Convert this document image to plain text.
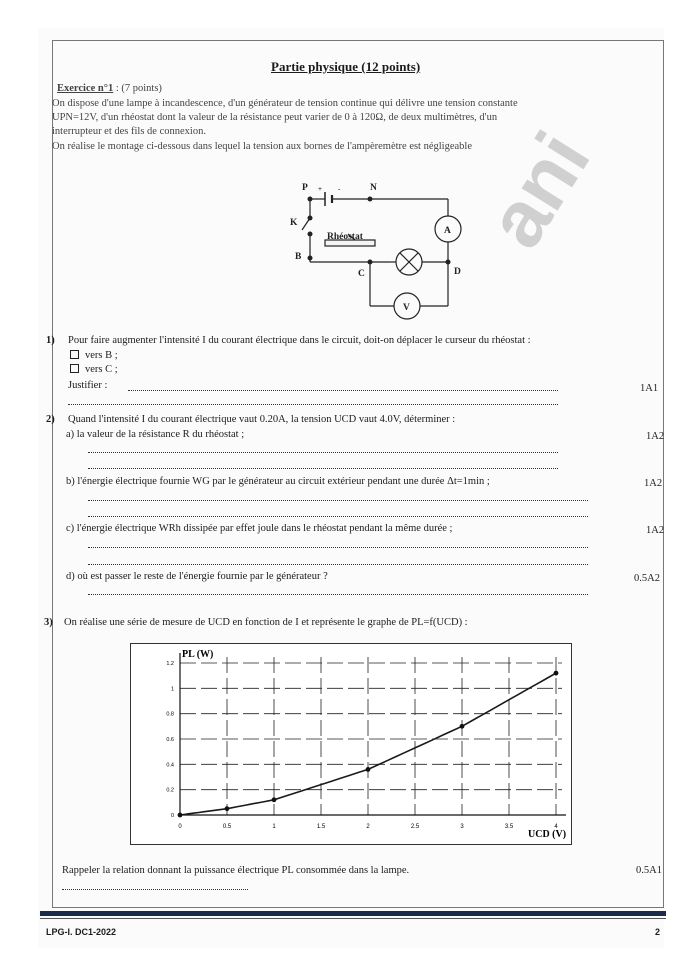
Partie physique (12 points)
Exercice n°1 : (7 points)
On dispose d'une lampe à incandescence, d'un générateur de tension continue qui délivre une tension constante
UPN=12V, d'un rhéostat dont la valeur de la résistance peut varier de 0 à 120Ω, de deux multimètres, d'un
interrupteur et des fils de connexion.
On réalise le montage ci-dessous dans lequel la tension aux bornes de l'ampèremètre est négligeable
P + -	N
K
B
Rhéostat
C	D
A
V
ani
1) Pour faire augmenter l'intensité I du courant électrique dans le circuit, doit-on déplacer le curseur du rhéostat :
vers B ;
vers C ;
Justifier :	1A1
2) Quand l'intensité I du courant électrique vaut 0.20A, la tension UCD vaut 4.0V, déterminer :
a) la valeur de la résistance R du rhéostat ;	1A2
b) l'énergie électrique fournie WG par le générateur au circuit extérieur pendant une durée Δt=1min ;	1A2
c) l'énergie électrique WRh dissipée par effet joule dans le rhéostat pendant la même durée ;	1A2
d) où est passer le reste de l'énergie fournie par le générateur ?	0.5A2
3) On réalise une série de mesure de UCD en fonction de I et représente le graphe de PL=f(UCD) :
0	0.5	1	1.5	2	2.5	3	3.5	4
0
0.2
0.4
0.6
0.8
1
1.2
PL (W)
UCD (V)
Rappeler la relation donnant la puissance électrique PL consommée dans la lampe.	0.5A1
LPG-I. DC1-2022	2
